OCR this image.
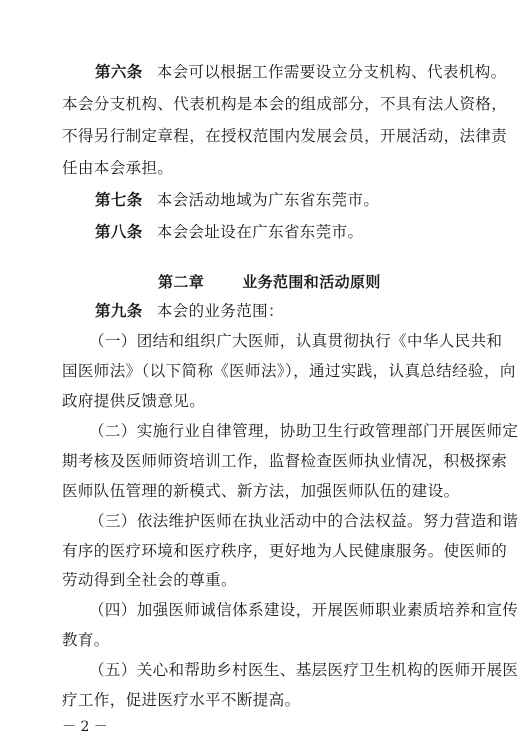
第六条 本会可以根据工作需要设立分支机构、代表机构。
本会分支机构、代表机构是本会的组成部分，不具有法人资格，
不得另行制定章程，在授权范围内发展会员，开展活动，法律责
任由本会承担。
第七条 本会活动地域为广东省东莞市。
第八条 本会会址设在广东省东莞市。
第二章	业务范围和活动原则
第九条 本会的业务范围：
（一）团结和组织广大医师，认真贯彻执行《中华人民共和
国医师法》（以下简称《医师法》），通过实践，认真总结经验，向
政府提供反馈意见。
（二）实施行业自律管理，协助卫生行政管理部门开展医师定
期考核及医师师资培训工作，监督检查医师执业情况，积极探索
医师队伍管理的新模式、新方法，加强医师队伍的建设。
（三）依法维护医师在执业活动中的合法权益。努力营造和谐
有序的医疗环境和医疗秩序，更好地为人民健康服务。使医师的
劳动得到全社会的尊重。
（四）加强医师诚信体系建设，开展医师职业素质培养和宣传
教育。
（五）关心和帮助乡村医生、基层医疗卫生机构的医师开展医
疗工作，促进医疗水平不断提高。
－ 2 －
